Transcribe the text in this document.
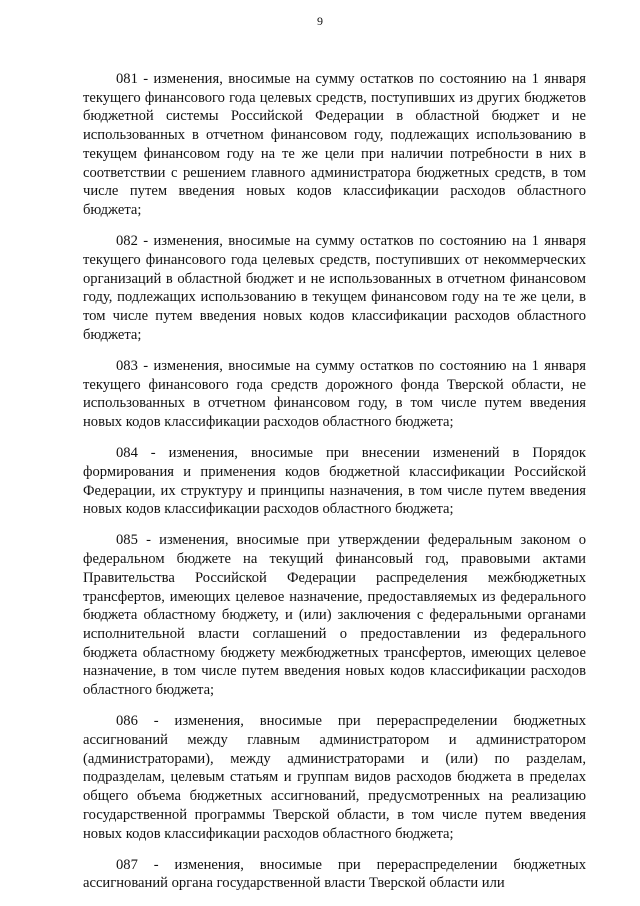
9

081 - изменения, вносимые на сумму остатков по состоянию на 1 января текущего финансового года целевых средств, поступивших из других бюджетов бюджетной системы Российской Федерации в областной бюджет и не использованных в отчетном финансовом году, подлежащих использованию в текущем финансовом году на те же цели при наличии потребности в них в соответствии с решением главного администратора бюджетных средств, в том числе путем введения новых кодов классификации расходов областного бюджета;

082 - изменения, вносимые на сумму остатков по состоянию на 1 января текущего финансового года целевых средств, поступивших от некоммерческих организаций в областной бюджет и не использованных в отчетном финансовом году, подлежащих использованию в текущем финансовом году на те же цели, в том числе путем введения новых кодов классификации расходов областного бюджета;

083 - изменения, вносимые на сумму остатков по состоянию на 1 января текущего финансового года средств дорожного фонда Тверской области, не использованных в отчетном финансовом году, в том числе путем введения новых кодов классификации расходов областного бюджета;

084 - изменения, вносимые при внесении изменений в Порядок формирования и применения кодов бюджетной классификации Российской Федерации, их структуру и принципы назначения, в том числе путем введения новых кодов классификации расходов областного бюджета;

085 - изменения, вносимые при утверждении федеральным законом о федеральном бюджете на текущий финансовый год, правовыми актами Правительства Российской Федерации распределения межбюджетных трансфертов, имеющих целевое назначение, предоставляемых из федерального бюджета областному бюджету, и (или) заключения с федеральными органами исполнительной власти соглашений о предоставлении из федерального бюджета областному бюджету межбюджетных трансфертов, имеющих целевое назначение, в том числе путем введения новых кодов классификации расходов областного бюджета;

086 - изменения, вносимые при перераспределении бюджетных ассигнований между главным администратором и администратором (администраторами), между администраторами и (или) по разделам, подразделам, целевым статьям и группам видов расходов бюджета в пределах общего объема бюджетных ассигнований, предусмотренных на реализацию государственной программы Тверской области, в том числе путем введения новых кодов классификации расходов областного бюджета;

087 - изменения, вносимые при перераспределении бюджетных ассигнований органа государственной власти Тверской области или
